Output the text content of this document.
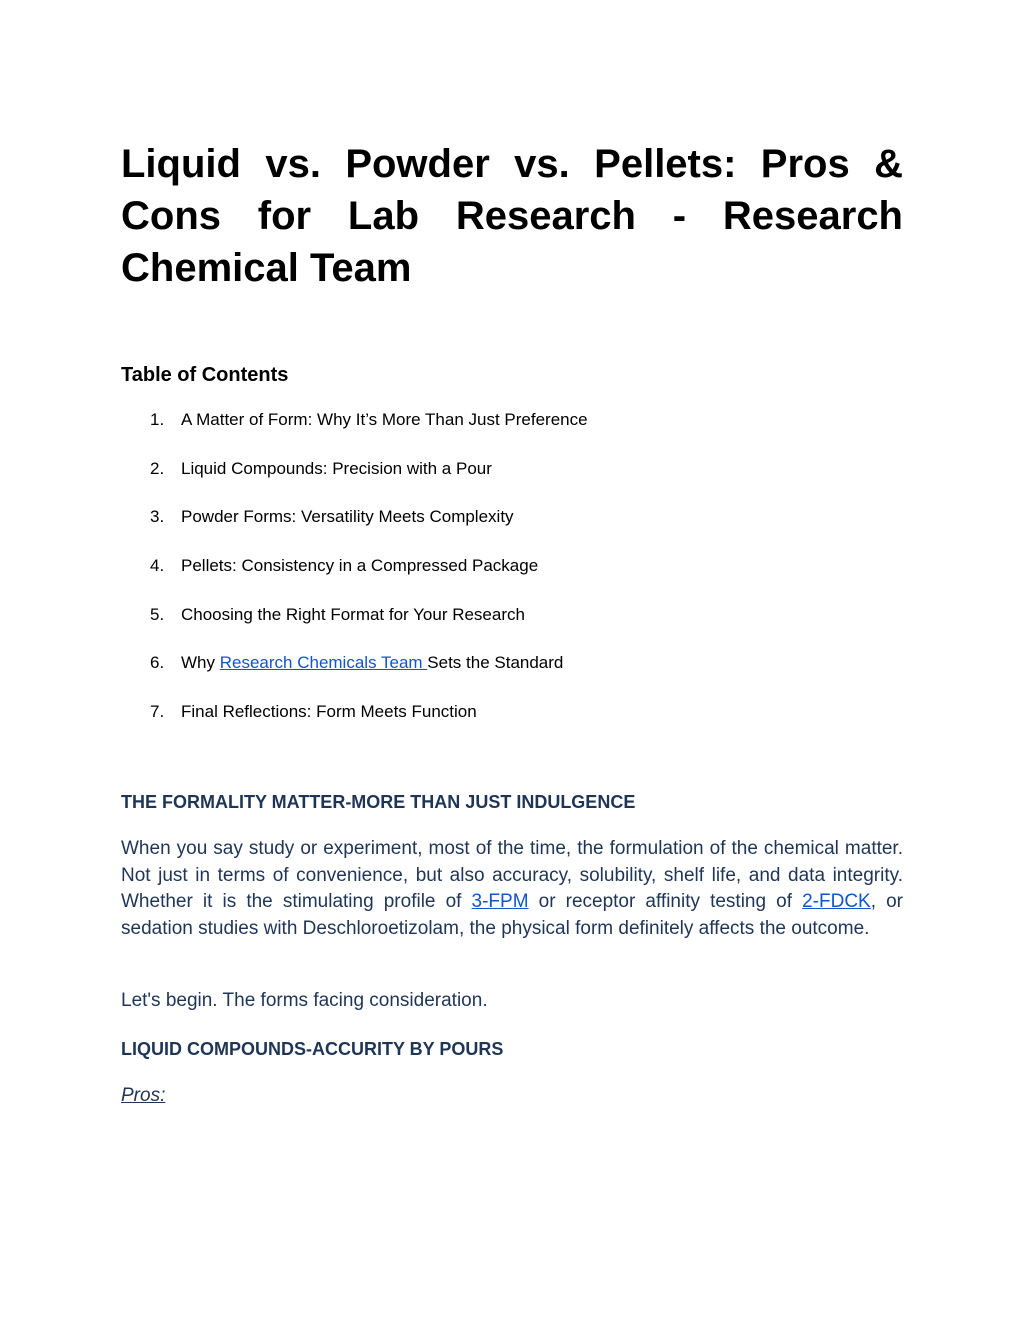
Liquid vs. Powder vs. Pellets: Pros & Cons for Lab Research - Research Chemical Team
Table of Contents
1. A Matter of Form: Why It’s More Than Just Preference
2. Liquid Compounds: Precision with a Pour
3. Powder Forms: Versatility Meets Complexity
4. Pellets: Consistency in a Compressed Package
5. Choosing the Right Format for Your Research
6. Why Research Chemicals Team Sets the Standard
7. Final Reflections: Form Meets Function
THE FORMALITY MATTER-MORE THAN JUST INDULGENCE

When you say study or experiment, most of the time, the formulation of the chemical matter. Not just in terms of convenience, but also accuracy, solubility, shelf life, and data integrity. Whether it is the stimulating profile of 3-FPM or receptor affinity testing of 2-FDCK, or sedation studies with Deschloroetizolam, the physical form definitely affects the outcome.

Let's begin. The forms facing consideration.

LIQUID COMPOUNDS-ACCURITY BY POURS

Pros:
